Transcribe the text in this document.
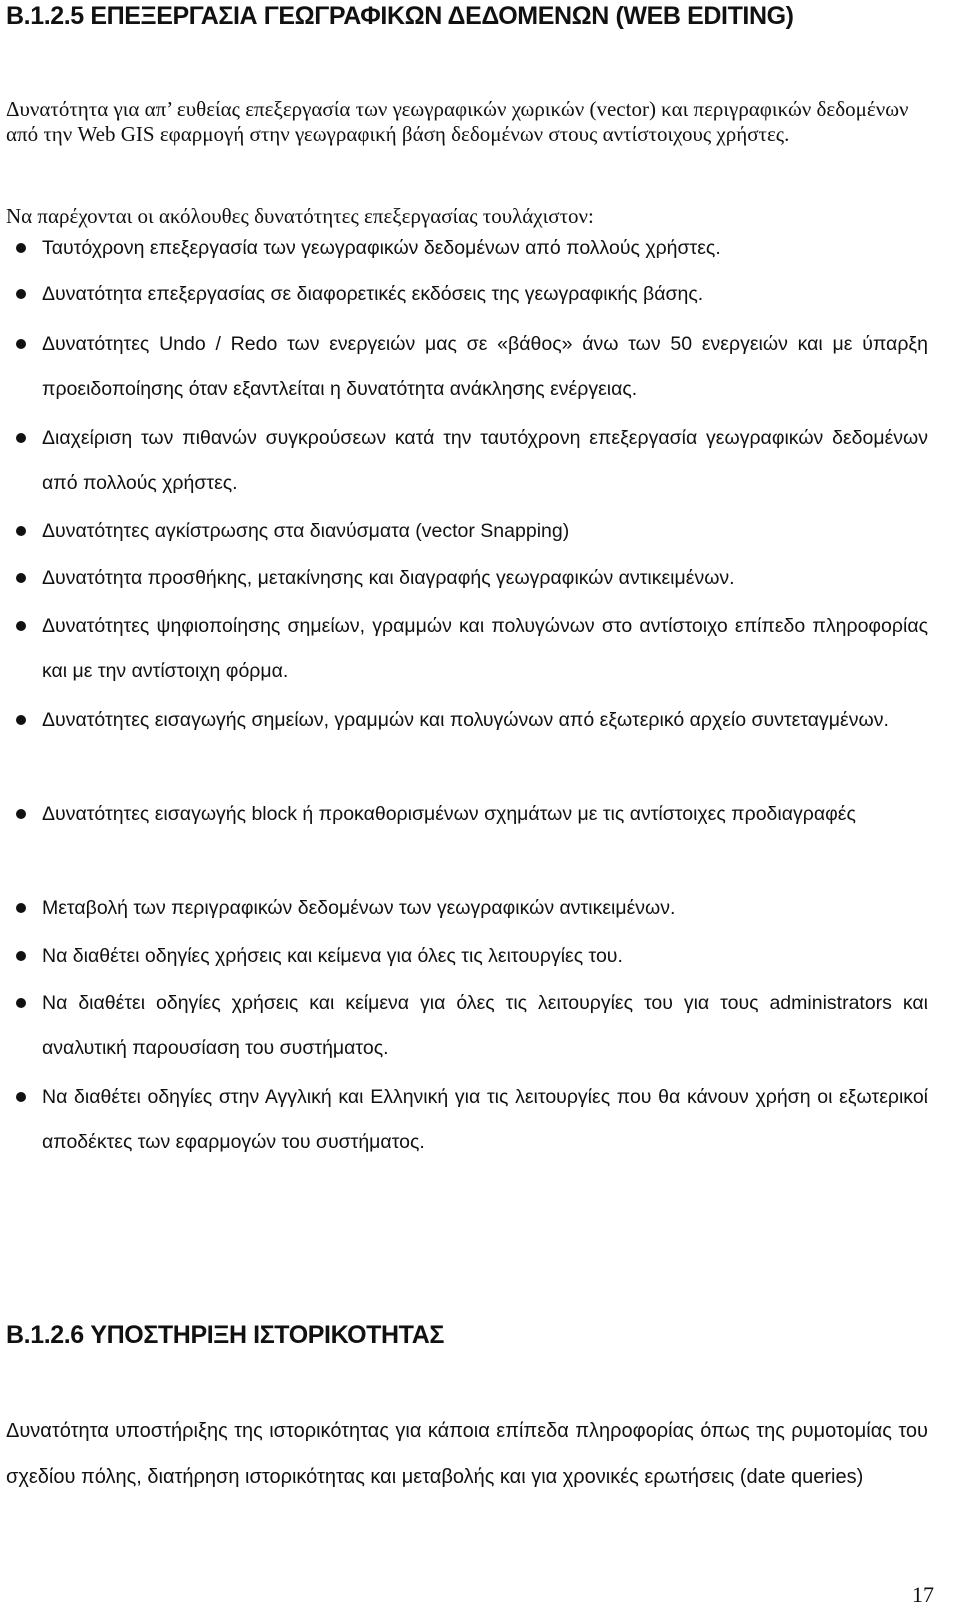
B.1.2.5 ΕΠΕΞΕΡΓΑΣΙΑ ΓΕΩΓΡΑΦΙΚΩΝ ΔΕΔΟΜΕΝΩΝ (WEB EDITING)

Δυνατότητα για απ’ ευθείας επεξεργασία των γεωγραφικών χωρικών (vector) και περιγραφικών δεδομένων από την Web GIS εφαρμογή στην γεωγραφική βάση δεδομένων στους αντίστοιχους χρήστες.

Να παρέχονται οι ακόλουθες δυνατότητες επεξεργασίας τουλάχιστον:

Ταυτόχρονη επεξεργασία των γεωγραφικών δεδομένων από πολλούς χρήστες.
Δυνατότητα επεξεργασίας σε διαφορετικές εκδόσεις της γεωγραφικής βάσης.
Δυνατότητες Undo / Redo των ενεργειών μας σε «βάθος» άνω των 50 ενεργειών και με ύπαρξη προειδοποίησης όταν εξαντλείται η δυνατότητα ανάκλησης ενέργειας.
Διαχείριση των πιθανών συγκρούσεων κατά την ταυτόχρονη επεξεργασία γεωγραφικών δεδομένων από πολλούς χρήστες.
Δυνατότητες αγκίστρωσης στα διανύσματα (vector Snapping)
Δυνατότητα προσθήκης, μετακίνησης και διαγραφής γεωγραφικών αντικειμένων.
Δυνατότητες ψηφιοποίησης σημείων, γραμμών και πολυγώνων στο αντίστοιχο επίπεδο πληροφορίας και με την αντίστοιχη φόρμα.
Δυνατότητες εισαγωγής σημείων, γραμμών και πολυγώνων από εξωτερικό αρχείο συντεταγμένων.
Δυνατότητες εισαγωγής block ή προκαθορισμένων σχημάτων με τις αντίστοιχες προδιαγραφές
Μεταβολή των περιγραφικών δεδομένων των γεωγραφικών αντικειμένων.
Να διαθέτει οδηγίες χρήσεις και κείμενα για όλες τις λειτουργίες του.
Να διαθέτει οδηγίες χρήσεις και κείμενα για όλες τις λειτουργίες του για τους administrators και αναλυτική παρουσίαση του συστήματος.
Να διαθέτει οδηγίες στην Αγγλική και Ελληνική για τις λειτουργίες που θα κάνουν χρήση οι εξωτερικοί αποδέκτες των εφαρμογών του συστήματος.
B.1.2.6 ΥΠΟΣΤΗΡΙΞΗ ΙΣΤΟΡΙΚΟΤΗΤΑΣ

Δυνατότητα υποστήριξης της ιστορικότητας για κάποια επίπεδα πληροφορίας όπως της ρυμοτομίας του σχεδίου πόλης, διατήρηση ιστορικότητας και μεταβολής και για χρονικές ερωτήσεις (date queries)

17
